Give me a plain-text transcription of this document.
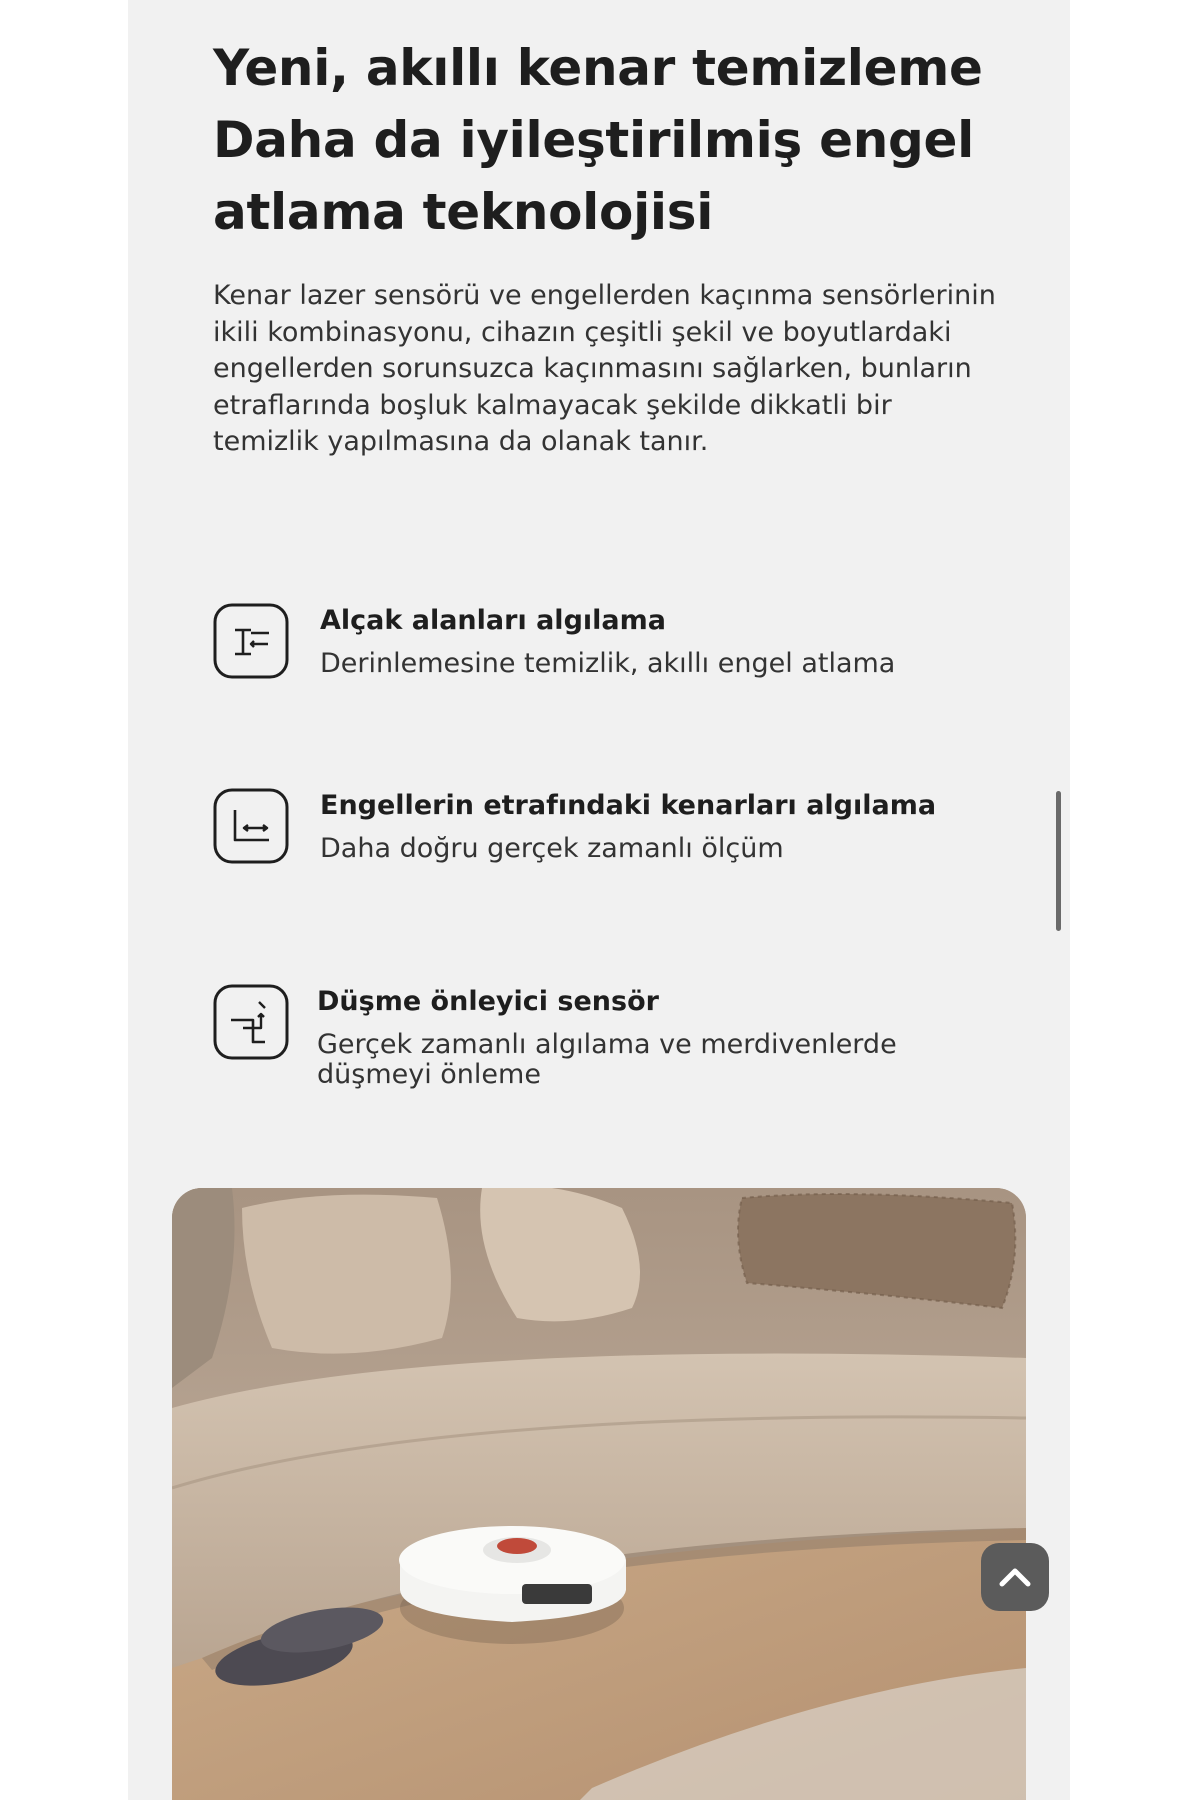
Yeni, akıllı kenar temizleme
Daha da iyileştirilmiş engel atlama teknolojisi

Kenar lazer sensörü ve engellerden kaçınma sensörlerinin ikili kombinasyonu, cihazın çeşitli şekil ve boyutlardaki engellerden sorunsuzca kaçınmasını sağlarken, bunların etraflarında boşluk kalmayacak şekilde dikkatli bir temizlik yapılmasına da olanak tanır.

Alçak alanları algılama

Derinlemesine temizlik, akıllı engel atlama

Engellerin etrafındaki kenarları algılama

Daha doğru gerçek zamanlı ölçüm

Düşme önleyici sensör

Gerçek zamanlı algılama ve merdivenlerde düşmeyi önleme
